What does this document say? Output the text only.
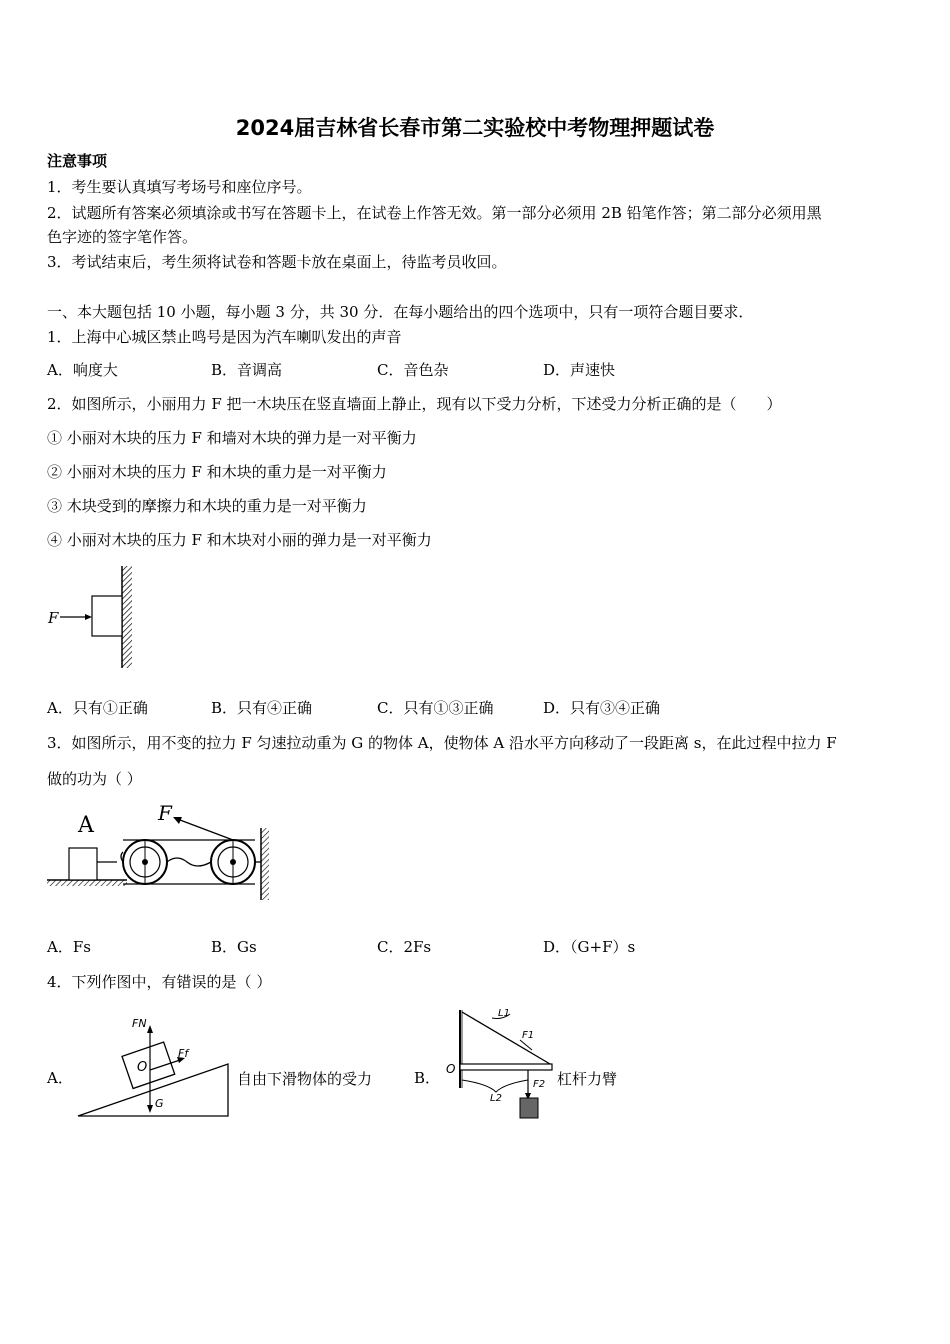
2024届吉林省长春市第二实验校中考物理押题试卷
注意事项
1．考生要认真填写考场号和座位序号。
2．试题所有答案必须填涂或书写在答题卡上，在试卷上作答无效。第一部分必须用 2B 铅笔作答；第二部分必须用黑
色字迹的签字笔作答。
3．考试结束后，考生须将试卷和答题卡放在桌面上，待监考员收回。
一、本大题包括 10 小题，每小题 3 分，共 30 分．在每小题给出的四个选项中，只有一项符合题目要求．
1．上海中心城区禁止鸣号是因为汽车喇叭发出的声音
A．响度大	B．音调高	C．音色杂	D．声速快
2．如图所示，小丽用力 F 把一木块压在竖直墙面上静止，现有以下受力分析，下述受力分析正确的是（　　）
① 小丽对木块的压力 F 和墙对木块的弹力是一对平衡力
② 小丽对木块的压力 F 和木块的重力是一对平衡力
③ 木块受到的摩擦力和木块的重力是一对平衡力
④ 小丽对木块的压力 F 和木块对小丽的弹力是一对平衡力
F
A．只有①正确	B．只有④正确	C．只有①③正确	D．只有③④正确
3．如图所示，用不变的拉力 F 匀速拉动重为 G 的物体 A，使物体 A 沿水平方向移动了一段距离 s，在此过程中拉力 F
做的功为（ ）
A	F
A．Fs	B．Gs	C．2Fs	D．（G+F）s
4．下列作图中，有错误的是（ ）
A．
FN
Ff
O
G
自由下滑物体的受力	B．
L1
F1
O
F2
L2
杠杆力臂
